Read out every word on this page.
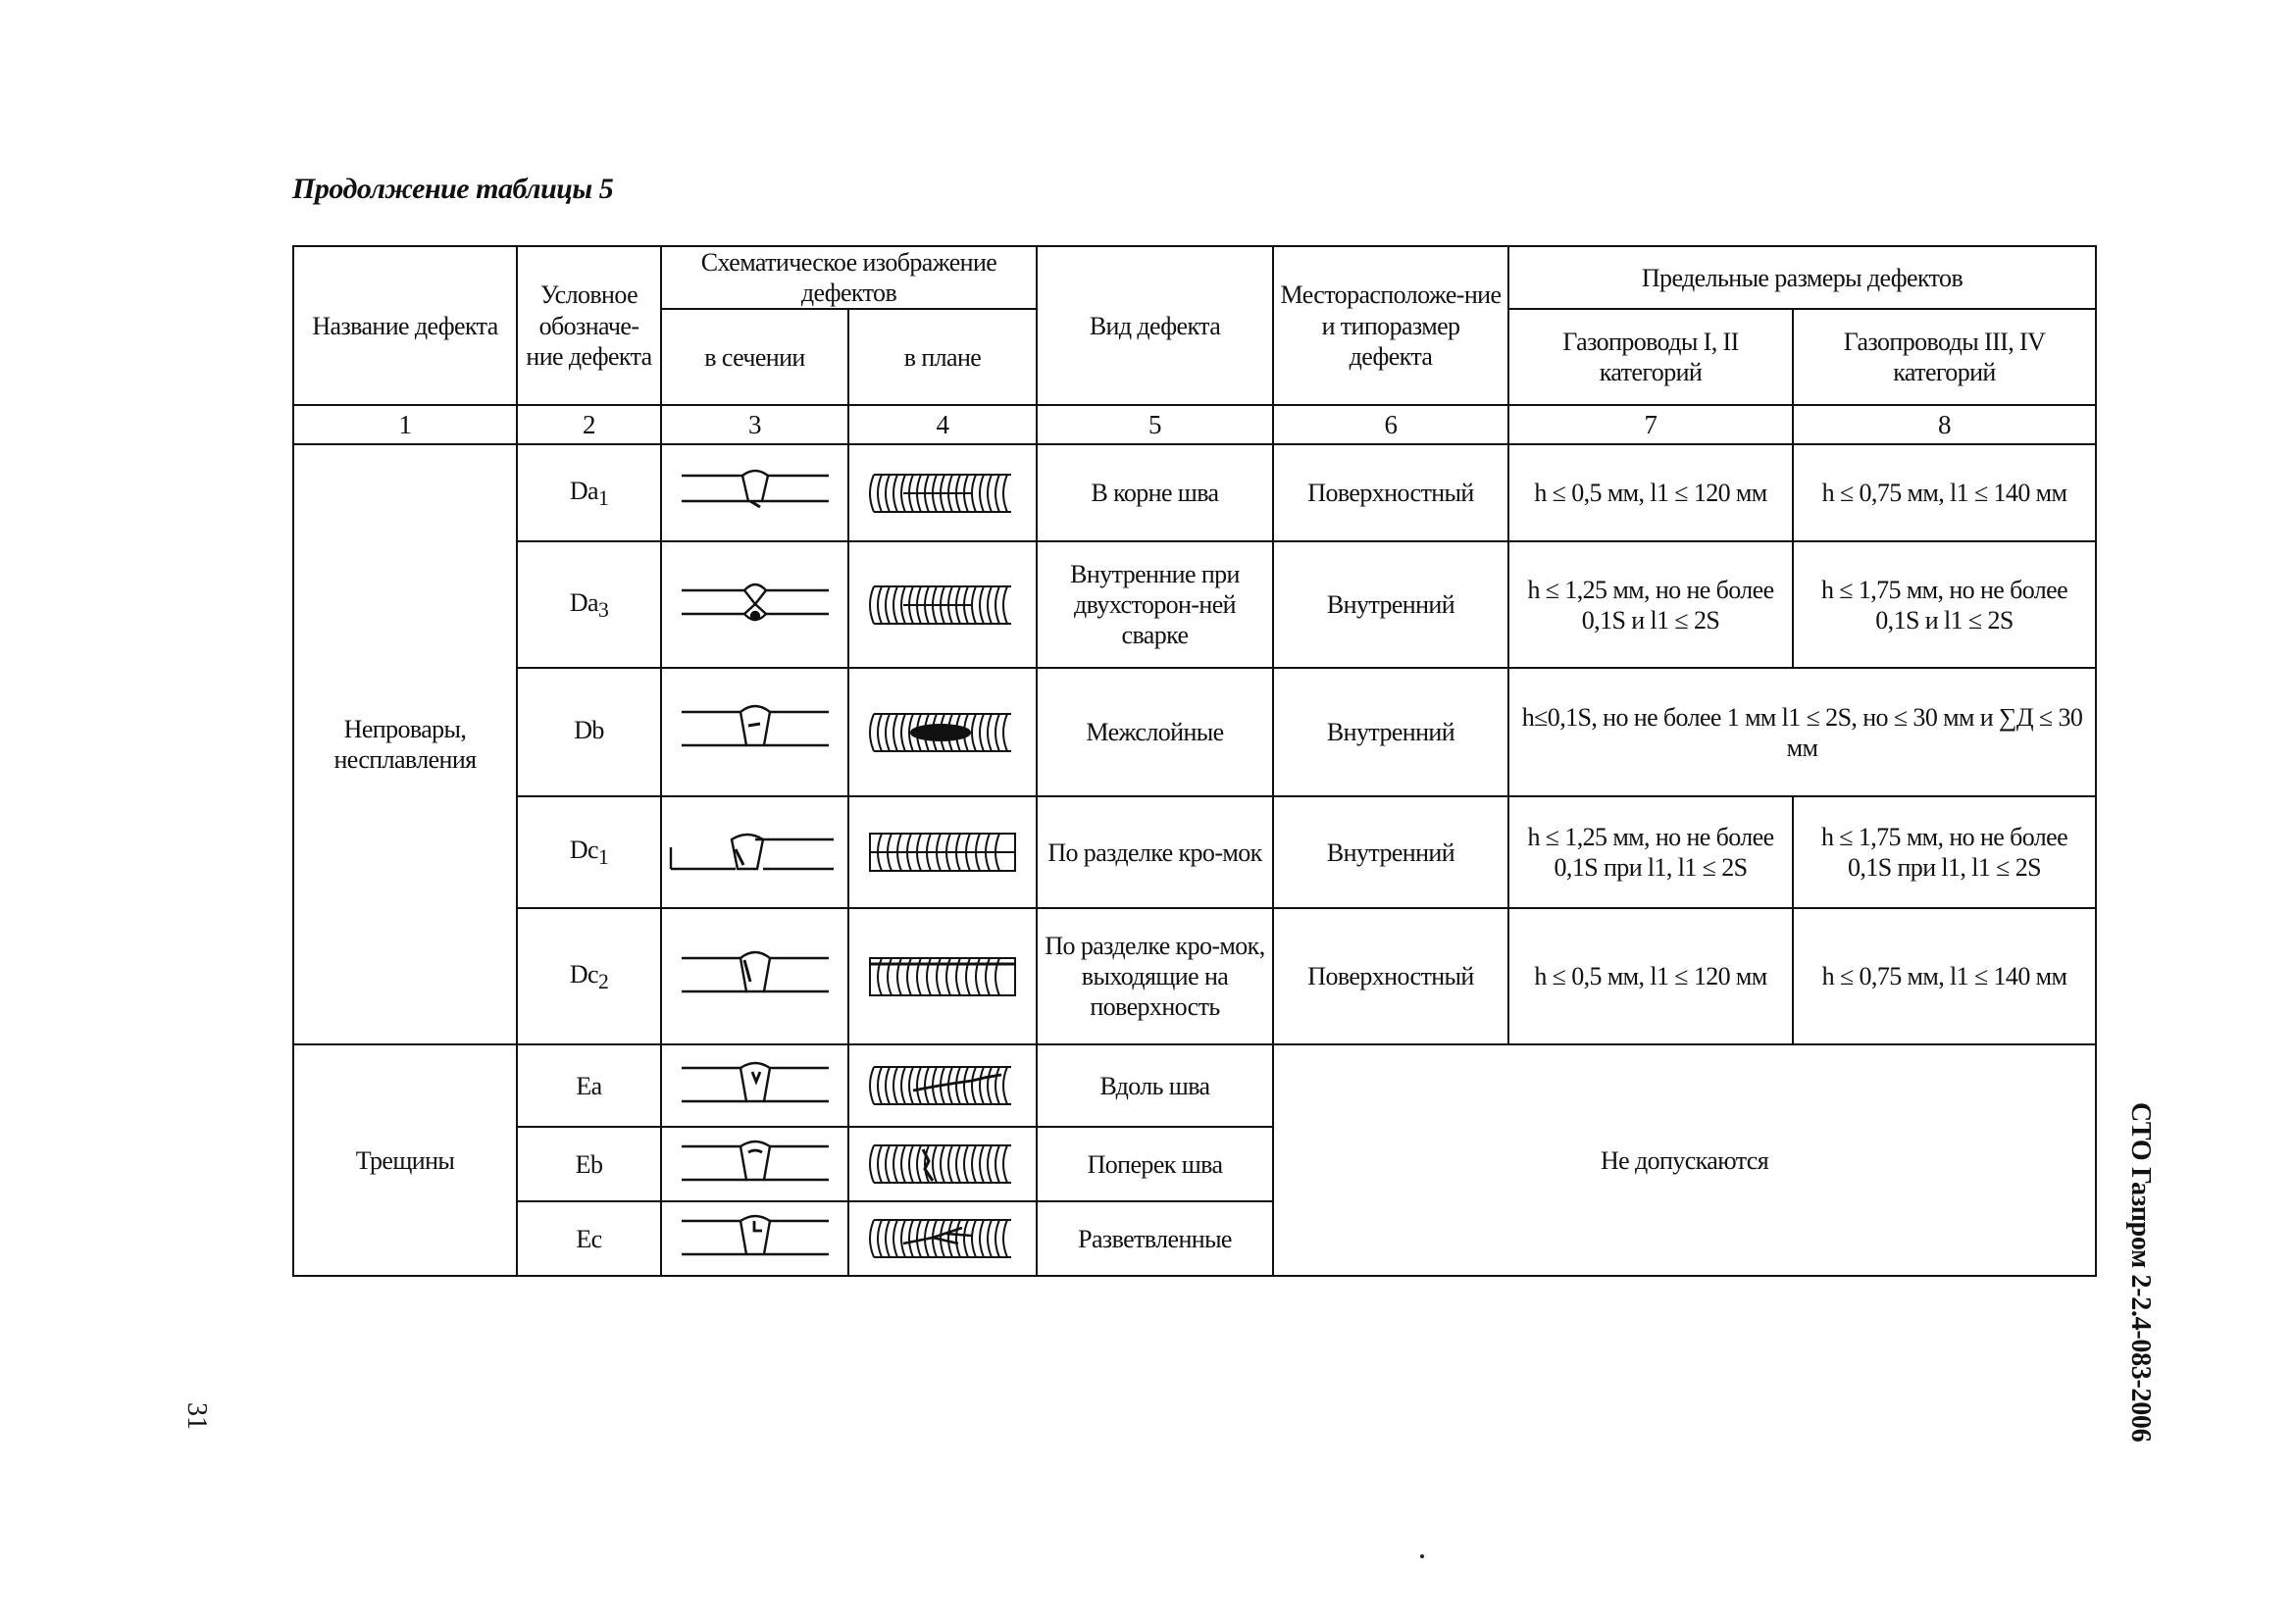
Продолжение таблицы 5
Название дефекта	Условное обозначе-ние дефекта	Схематическое изображение дефектов		Вид дефекта	Месторасположе-ние и типоразмер дефекта	Предельные размеры дефектов	
		в сечении	в плане			Газопроводы I, II категорий	Газопроводы III, IV категорий
1	2	3	4	5	6	7	8
Непровары, несплавления	$Da_1$			В корне шва	Поверхностный	h ≤ 0,5 мм, l1 ≤ 120 мм	h ≤ 0,75 мм, l1 ≤ 140 мм
	$Da_3$			Внутренние при двухсторон-ней сварке	Внутренний	h ≤ 1,25 мм, но не более 0,1S и l1 ≤ 2S	h ≤ 1,75 мм, но не более 0,1S и l1 ≤ 2S
	Db			Межслойные	Внутренний	h≤0,1S, но не более 1 мм l1 ≤ 2S, но ≤ 30 мм и ∑Д ≤ 30 мм	
	$Dc_1$			По разделке кро-мок	Внутренний	h ≤ 1,25 мм, но не более 0,1S при l1, l1 ≤ 2S	h ≤ 1,75 мм, но не более 0,1S при l1, l1 ≤ 2S
	$Dc_2$			По разделке кро-мок, выходящие на поверхность	Поверхностный	h ≤ 0,5 мм, l1 ≤ 120 мм	h ≤ 0,75 мм, l1 ≤ 140 мм
Трещины	Ea			Вдоль шва	Не допускаются		
	Eb			Поперек шва			
	Ec			Разветвленные				СТО Газпром 2-2.4-083-2006
31
